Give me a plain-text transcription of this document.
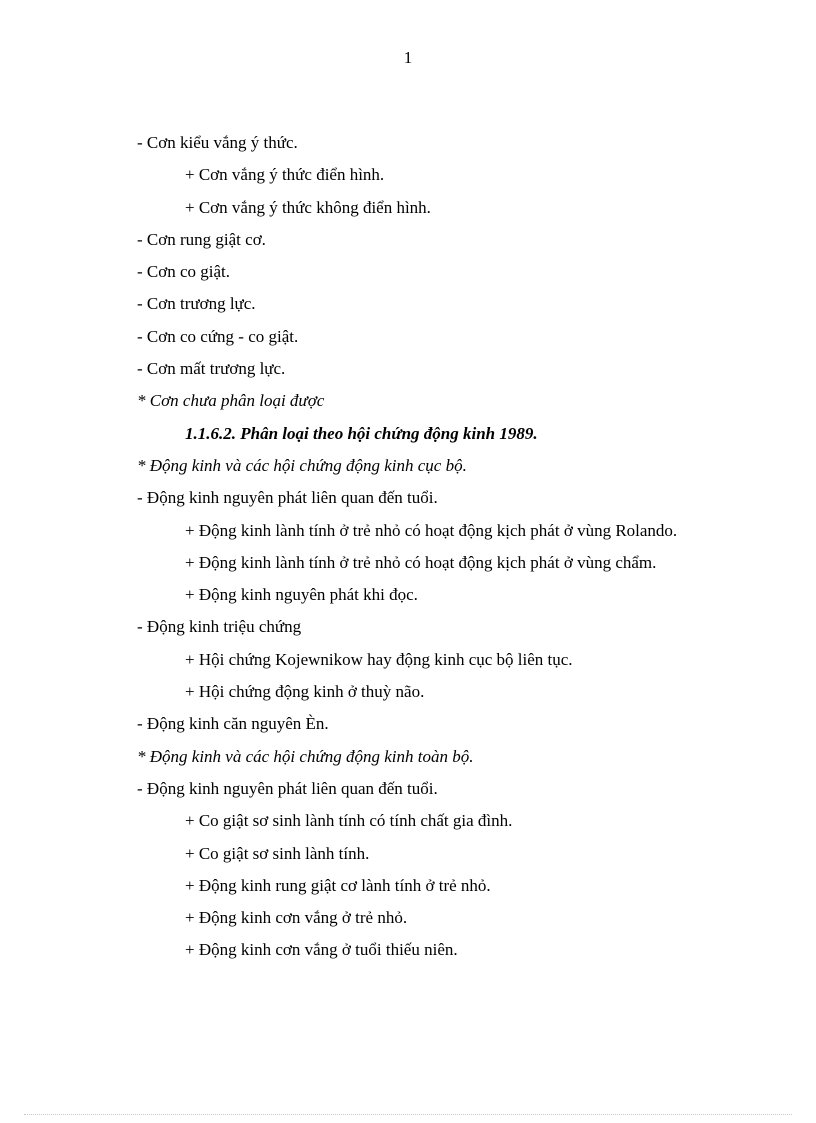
1

- Cơn kiểu vắng ý thức.

+ Cơn vắng ý thức điển hình.

+ Cơn vắng ý thức không điển hình.

- Cơn rung giật cơ.

- Cơn co giật.

- Cơn trương lực.

- Cơn co cứng - co giật.

- Cơn mất trương lực.

* Cơn chưa phân loại được

1.1.6.2. Phân loại theo hội chứng động kinh 1989.

* Động kinh và các hội chứng động kinh cục bộ.

- Động kinh nguyên phát liên quan đến tuổi.

+ Động kinh lành tính ở trẻ nhỏ có hoạt động kịch phát ở vùng Rolando.

+ Động kinh lành tính ở trẻ nhỏ có hoạt động kịch phát ở vùng chẩm.

+ Động kinh nguyên phát khi đọc.

- Động kinh triệu chứng

+ Hội chứng Kojewnikow hay động kinh cục bộ liên tục.

+ Hội chứng động kinh ở thuỳ não.

- Động kinh căn nguyên Èn.

* Động kinh và các hội chứng động kinh toàn bộ.

- Động kinh nguyên phát liên quan đến tuổi.

+ Co giật sơ sinh lành tính có tính chất gia đình.

+ Co giật sơ sinh lành tính.

+ Động kinh rung giật cơ lành tính ở trẻ nhỏ.

+ Động kinh cơn vắng ở trẻ nhỏ.

+ Động kinh cơn vắng ở tuổi thiếu niên.
